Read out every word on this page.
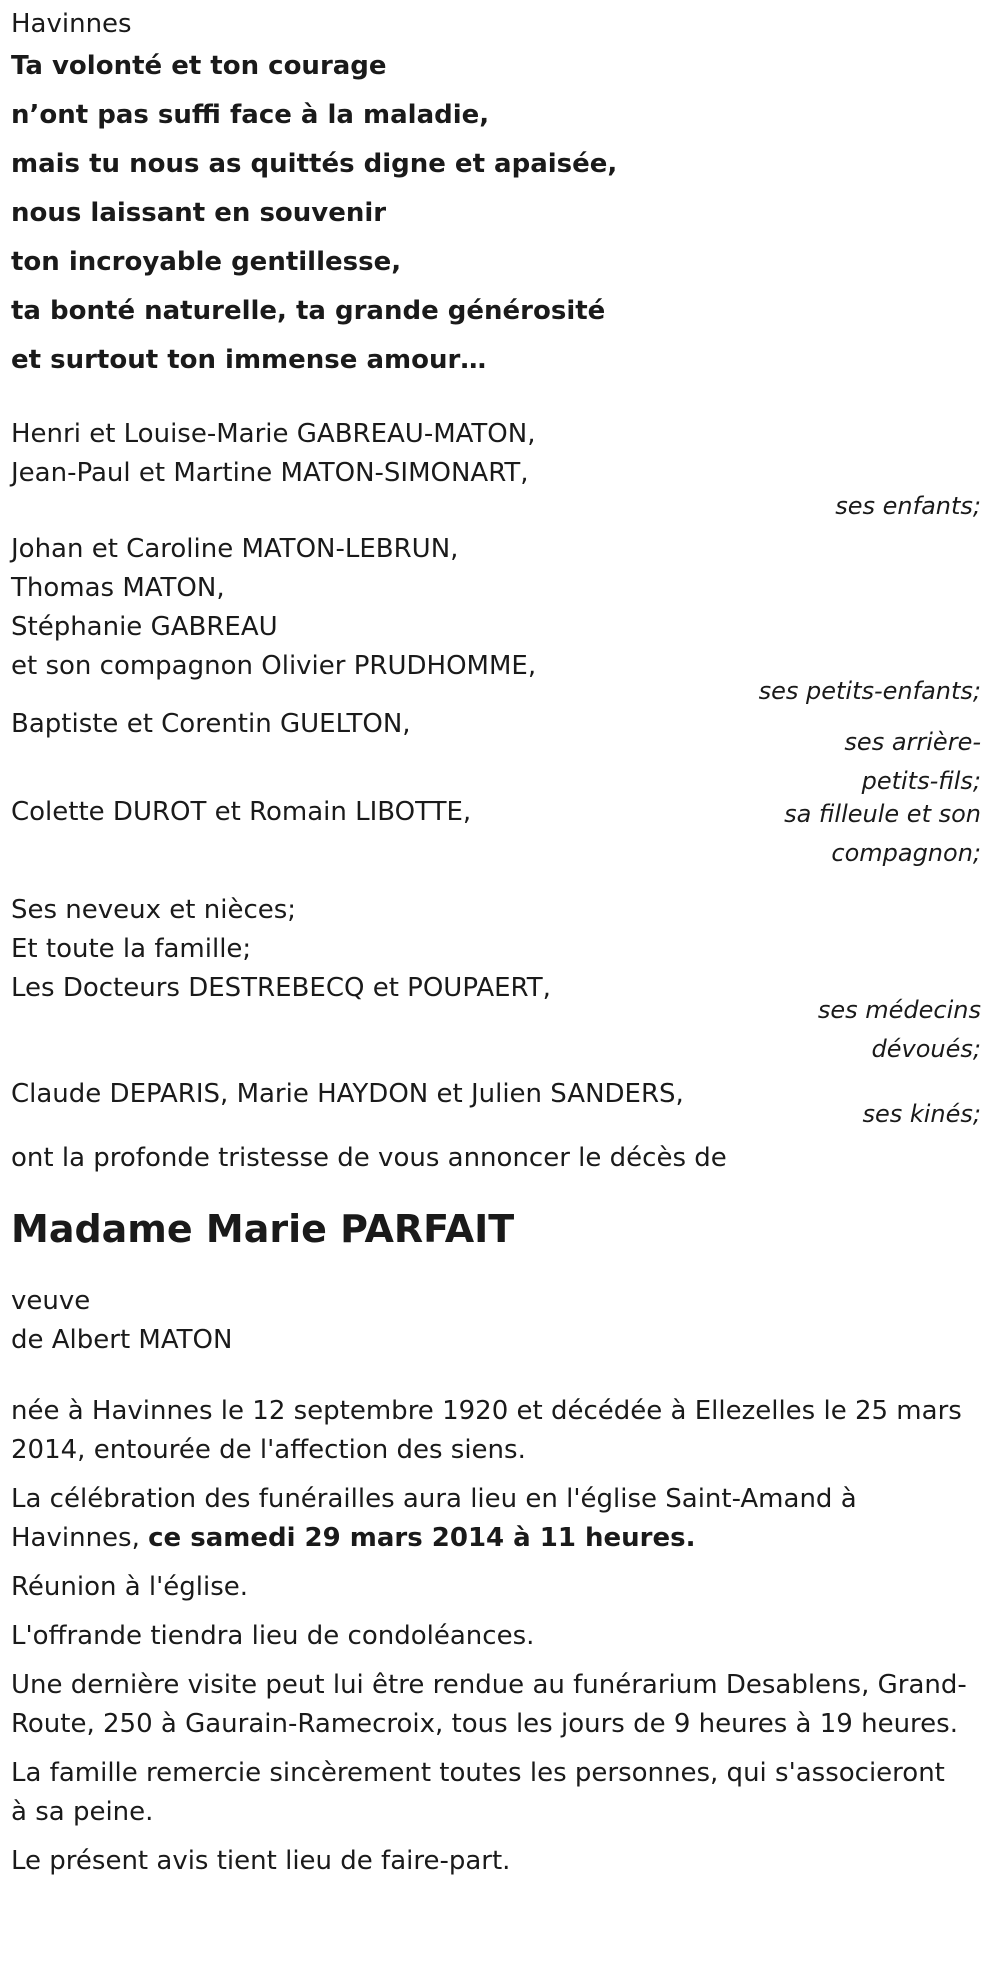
Havinnes
Ta volonté et ton courage
n’ont pas suffi face à la maladie,
mais tu nous as quittés digne et apaisée,
nous laissant en souvenir
ton incroyable gentillesse,
ta bonté naturelle, ta grande générosité
et surtout ton immense amour…
Henri et Louise-Marie GABREAU-MATON,
Jean-Paul et Martine MATON-SIMONART,
ses enfants;
Johan et Caroline MATON-LEBRUN,
Thomas MATON,
Stéphanie GABREAU
et son compagnon Olivier PRUDHOMME,
ses petits-enfants;
Baptiste et Corentin GUELTON,
ses arrière-
petits-fils;
Colette DUROT et Romain LIBOTTE,	sa filleule et son
compagnon;
Ses neveux et nièces;
Et toute la famille;
Les Docteurs DESTREBECQ et POUPAERT,
ses médecins
dévoués;
Claude DEPARIS, Marie HAYDON et Julien SANDERS,
ses kinés;
ont la profonde tristesse de vous annoncer le décès de
Madame Marie PARFAIT
veuve
de Albert MATON
née à Havinnes le 12 septembre 1920 et décédée à Ellezelles le 25 mars
2014, entourée de l'affection des siens.
La célébration des funérailles aura lieu en l'église Saint-Amand à
Havinnes, ce samedi 29 mars 2014 à 11 heures.
Réunion à l'église.
L'offrande tiendra lieu de condoléances.
Une dernière visite peut lui être rendue au funérarium Desablens, Grand-
Route, 250 à Gaurain-Ramecroix, tous les jours de 9 heures à 19 heures.
La famille remercie sincèrement toutes les personnes, qui s'associeront
à sa peine.
Le présent avis tient lieu de faire-part.
